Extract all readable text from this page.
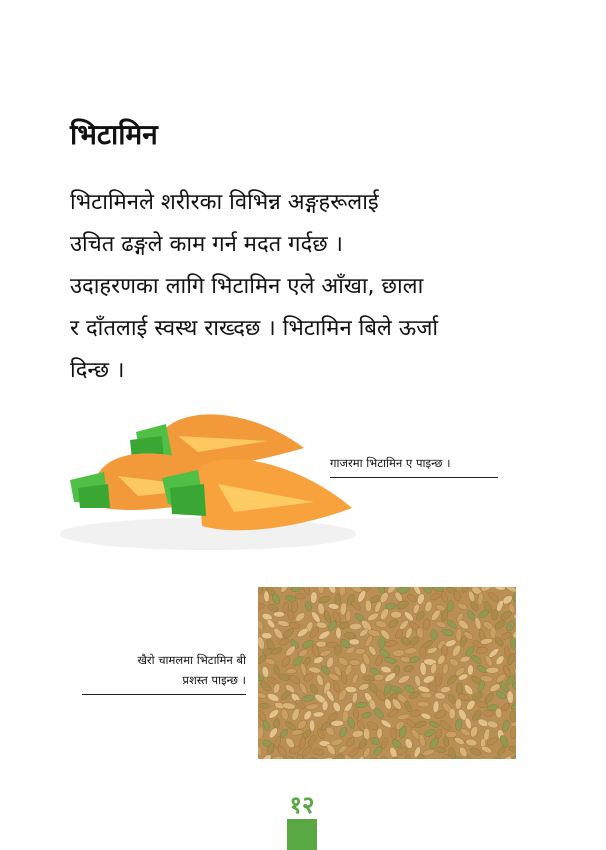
भिटामिन
भिटामिनले शरीरका विभिन्न अङ्गहरूलाई
उचित ढङ्गले काम गर्न मदत गर्दछ ।
उदाहरणका लागि भिटामिन एले आँखा, छाला
र दाँतलाई स्वस्थ राख्दछ । भिटामिन बिले ऊर्जा
दिन्छ ।
गाजरमा भिटामिन ए पाइन्छ ।
खैरो चामलमा भिटामिन बी
प्रशस्त पाइन्छ ।
१२
